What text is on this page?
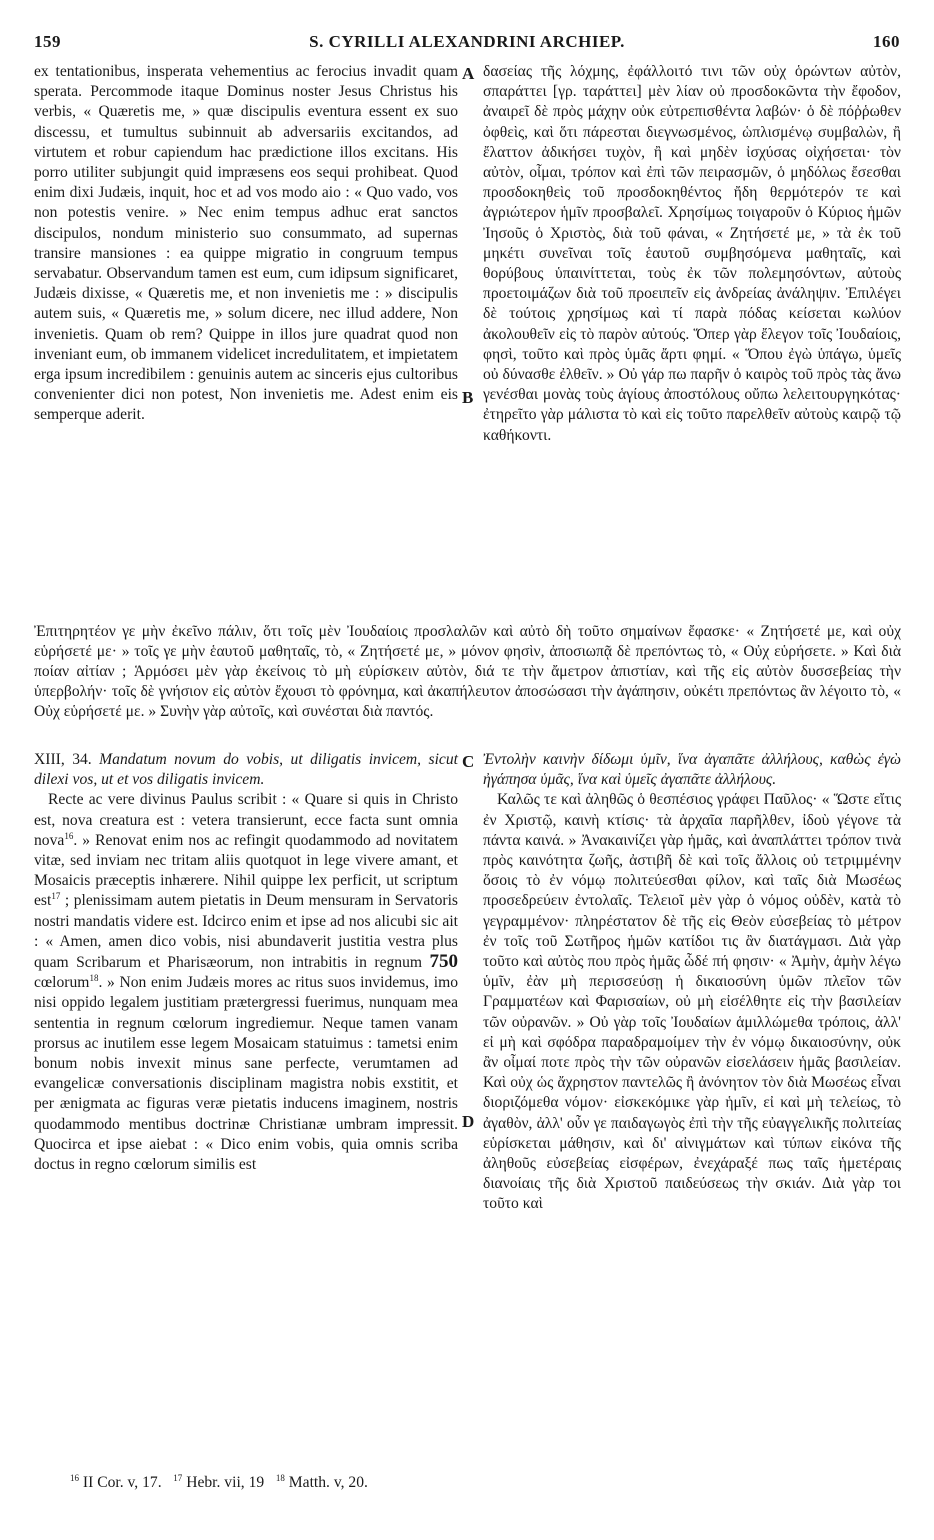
159	S. CYRILLI ALEXANDRINI ARCHIEP.	160

ex tentationibus, insperata vehementius ac ferocius invadit quam sperata. Percommode itaque Dominus noster Jesus Christus his verbis, « Quæretis me, » quæ discipulis eventura essent ex suo discessu, et tumultus subinnuit ab adversariis excitandos, ad virtutem et robur capiendum hac prædictione illos excitans. His porro utiliter subjungit quid impræsens eos sequi prohibeat. Quod enim dixi Judæis, inquit, hoc et ad vos modo aio : « Quo vado, vos non potestis venire. » Nec enim tempus adhuc erat sanctos discipulos, nondum ministerio suo consummato, ad supernas transire mansiones : ea quippe migratio in congruum tempus servabatur. Observandum tamen est eum, cum idipsum significaret, Judæis dixisse, « Quæretis me, et non invenietis me : » discipulis autem suis, « Quæretis me, » solum dicere, nec illud addere, Non invenietis. Quam ob rem? Quippe in illos jure quadrat quod non inveniant eum, ob immanem videlicet incredulitatem, et impietatem erga ipsum incredibilem : genuinis autem ac sinceris ejus cultoribus convenienter dici non potest, Non invenietis me. Adest enim eis semperque aderit.

δασείας τῆς λόχμης, ἐφάλλοιτό τινι τῶν οὐχ ὁρώντων αὐτὸν, σπαράττει [γρ. ταράττει] μὲν λίαν οὐ προσδοκῶντα τὴν ἔφοδον, ἀναιρεῖ δὲ πρὸς μάχην οὐκ εὐτρεπισθέντα λαβών· ὁ δὲ πόῤῥωθεν ὀφθεὶς, καὶ ὅτι πάρεσται διεγνωσμένος, ὡπλισμένῳ συμβαλὼν, ἢ ἔλαττον ἀδικήσει τυχὸν, ἢ καὶ μηδὲν ἰσχύσας οἰχήσεται· τὸν αὐτὸν, οἶμαι, τρόπον καὶ ἐπὶ τῶν πειρασμῶν, ὁ μηδόλως ἔσεσθαι προσδοκηθεὶς τοῦ προσδοκηθέντος ἤδη θερμότερόν τε καὶ ἀγριώτερον ἡμῖν προσβαλεῖ. Χρησίμως τοιγαροῦν ὁ Κύριος ἡμῶν Ἰησοῦς ὁ Χριστὸς, διὰ τοῦ φάναι, « Ζητήσετέ με, » τὰ ἐκ τοῦ μηκέτι συνεῖναι τοῖς ἑαυτοῦ συμβησόμενα μαθηταῖς, καὶ θορύβους ὑπαινίττεται, τοὺς ἐκ τῶν πολεμησόντων, αὐτοὺς προετοιμάζων διὰ τοῦ προειπεῖν εἰς ἀνδρείας ἀνάληψιν. Ἐπιλέγει δὲ τούτοις χρησίμως καὶ τί παρὰ πόδας κείσεται κωλύον ἀκολουθεῖν εἰς τὸ παρὸν αὐτούς. Ὅπερ γὰρ ἔλεγον τοῖς Ἰουδαίοις, φησὶ, τοῦτο καὶ πρὸς ὑμᾶς ἄρτι φημί. « Ὅπου ἐγὼ ὑπάγω, ὑμεῖς οὐ δύνασθε ἐλθεῖν. » Οὐ γάρ πω παρῆν ὁ καιρὸς τοῦ πρὸς τὰς ἄνω γενέσθαι μονὰς τοὺς ἁγίους ἀποστόλους οὔπω λελειτουργηκότας· ἐτηρεῖτο γὰρ μάλιστα τὸ καὶ εἰς τοῦτο παρελθεῖν αὐτοὺς καιρῷ τῷ καθήκοντι.

A
B

Ἐπιτηρητέον γε μὴν ἐκεῖνο πάλιν, ὅτι τοῖς μὲν Ἰουδαίοις προσλαλῶν καὶ αὐτὸ δὴ τοῦτο σημαίνων ἔφασκε· « Ζητήσετέ με, καὶ οὐχ εὑρήσετέ με· » τοῖς γε μὴν ἑαυτοῦ μαθηταῖς, τὸ, « Ζητήσετέ με, » μόνον φησὶν, ἀποσιωπᾷ δὲ πρεπόντως τὸ, « Οὐχ εὑρήσετε. » Καὶ διὰ ποίαν αἰτίαν ; Ἁρμόσει μὲν γὰρ ἐκείνοις τὸ μὴ εὑρίσκειν αὐτὸν, διά τε τὴν ἄμετρον ἀπιστίαν, καὶ τῆς εἰς αὐτὸν δυσσεβείας τὴν ὑπερβολήν· τοῖς δὲ γνήσιον εἰς αὐτὸν ἔχουσι τὸ φρόνημα, καὶ ἀκαπήλευτον ἀποσώσασι τὴν ἀγάπησιν, οὐκέτι πρεπόντως ἂν λέγοιτο τὸ, « Οὐχ εὑρήσετέ με. » Συνὴν γὰρ αὐτοῖς, καὶ συνέσται διὰ παντός.

XIII, 34. Mandatum novum do vobis, ut diligatis invicem, sicut dilexi vos, ut et vos diligatis invicem.

Recte ac vere divinus Paulus scribit : « Quare si quis in Christo est, nova creatura est : vetera transierunt, ecce facta sunt omnia nova$^{16}$. » Renovat enim nos ac refingit quodammodo ad novitatem vitæ, sed inviam nec tritam aliis quotquot in lege vivere amant, et Mosaicis præceptis inhærere. Nihil quippe lex perficit, ut scriptum est$^{17}$ ; plenissimam autem pietatis in Deum mensuram in Servatoris nostri mandatis videre est. Idcirco enim et ipse ad nos alicubi sic ait : « Amen, amen dico vobis, nisi abundaverit justitia vestra plus quam Scribarum et Pharisæorum, non intrabitis in regnum 750 cœlorum$^{18}$. » Non enim Judæis mores ac ritus suos invidemus, imo nisi oppido legalem justitiam prætergressi fuerimus, nunquam mea sententia in regnum cœlorum ingrediemur. Neque tamen vanam prorsus ac inutilem esse legem Mosaicam statuimus : tametsi enim bonum nobis invexit minus sane perfecte, verumtamen ad evangelicæ conversationis disciplinam magistra nobis exstitit, et per ænigmata ac figuras veræ pietatis inducens imaginem, nostris quodammodo mentibus doctrinæ Christianæ umbram impressit. Quocirca et ipse aiebat : « Dico enim vobis, quia omnis scriba doctus in regno cœlorum similis est

Ἐντολὴν καινὴν δίδωμι ὑμῖν, ἵνα ἀγαπᾶτε ἀλλήλους, καθὼς ἐγὼ ἠγάπησα ὑμᾶς, ἵνα καὶ ὑμεῖς ἀγαπᾶτε ἀλλήλους.

Καλῶς τε καὶ ἀληθῶς ὁ θεσπέσιος γράφει Παῦλος· « Ὥστε εἴτις ἐν Χριστῷ, καινὴ κτίσις· τὰ ἀρχαῖα παρῆλθεν, ἰδοὺ γέγονε τὰ πάντα καινά. » Ἀνακαινίζει γὰρ ἡμᾶς, καὶ ἀναπλάττει τρόπον τινὰ πρὸς καινότητα ζωῆς, ἀστιβῆ δὲ καὶ τοῖς ἄλλοις οὐ τετριμμένην ὅσοις τὸ ἐν νόμῳ πολιτεύεσθαι φίλον, καὶ ταῖς διὰ Μωσέως προσεδρεύειν ἐντολαῖς. Τελειοῖ μὲν γὰρ ὁ νόμος οὐδὲν, κατὰ τὸ γεγραμμένον· πληρέστατον δὲ τῆς εἰς Θεὸν εὐσεβείας τὸ μέτρον ἐν τοῖς τοῦ Σωτῆρος ἡμῶν κατίδοι τις ἂν διατάγμασι. Διὰ γὰρ τοῦτο καὶ αὐτὸς που πρὸς ἡμᾶς ὧδέ πή φησιν· « Ἀμὴν, ἀμὴν λέγω ὑμῖν, ἐὰν μὴ περισσεύσῃ ἡ δικαιοσύνη ὑμῶν πλεῖον τῶν Γραμματέων καὶ Φαρισαίων, οὐ μὴ εἰσέλθητε εἰς τὴν βασιλείαν τῶν οὐρανῶν. » Οὐ γὰρ τοῖς Ἰουδαίων ἁμιλλώμεθα τρόποις, ἀλλ' εἰ μὴ καὶ σφόδρα παραδραμοίμεν τὴν ἐν νόμῳ δικαιοσύνην, οὐκ ἂν οἶμαί ποτε πρὸς τὴν τῶν οὐρανῶν εἰσελάσειν ἡμᾶς βασιλείαν. Καὶ οὐχ ὡς ἄχρηστον παντελῶς ἢ ἀνόνητον τὸν διὰ Μωσέως εἶναι διοριζόμεθα νόμον· εἰσκεκόμικε γὰρ ἡμῖν, εἰ καὶ μὴ τελείως, τὸ ἀγαθὸν, ἀλλ' οὖν γε παιδαγωγὸς ἐπὶ τὴν τῆς εὐαγγελικῆς πολιτείας εὑρίσκεται μάθησιν, καὶ δι' αἰνιγμάτων καὶ τύπων εἰκόνα τῆς ἀληθοῦς εὐσεβείας εἰσφέρων, ἐνεχάραξέ πως ταῖς ἡμετέραις διανοίαις τῆς διὰ Χριστοῦ παιδεύσεως τὴν σκιάν. Διὰ γὰρ τοι τοῦτο καὶ

C
D
$^{16}$ II Cor. v, 17. $^{17}$ Hebr. vii, 19 $^{18}$ Matth. v, 20.
